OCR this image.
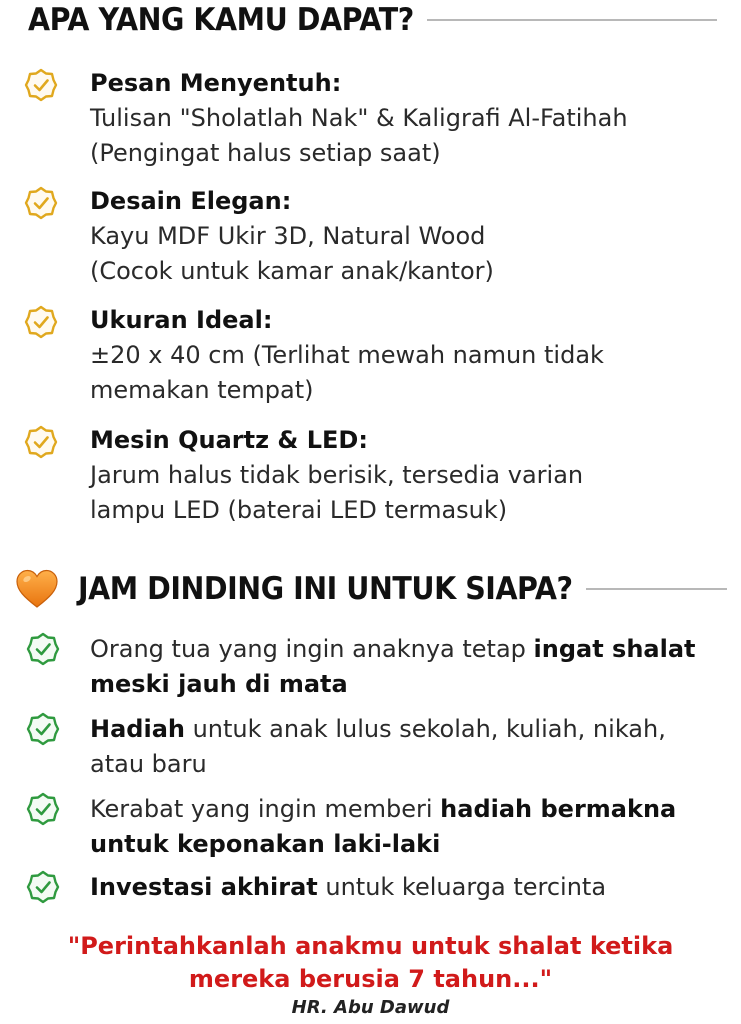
APA YANG KAMU DAPAT?
Pesan Menyentuh:
Tulisan "Sholatlah Nak" & Kaligrafi Al-Fatihah
(Pengingat halus setiap saat)
Desain Elegan:
Kayu MDF Ukir 3D, Natural Wood
(Cocok untuk kamar anak/kantor)
Ukuran Ideal:
±20 x 40 cm (Terlihat mewah namun tidak
memakan tempat)
Mesin Quartz & LED:
Jarum halus tidak berisik, tersedia varian
lampu LED (baterai LED termasuk)
JAM DINDING INI UNTUK SIAPA?
Orang tua yang ingin anaknya tetap ingat shalat
meski jauh di mata
Hadiah untuk anak lulus sekolah, kuliah, nikah,
atau baru
Kerabat yang ingin memberi hadiah bermakna
untuk keponakan laki-laki
Investasi akhirat untuk keluarga tercinta
"Perintahkanlah anakmu untuk shalat ketika
mereka berusia 7 tahun..."
HR. Abu Dawud
